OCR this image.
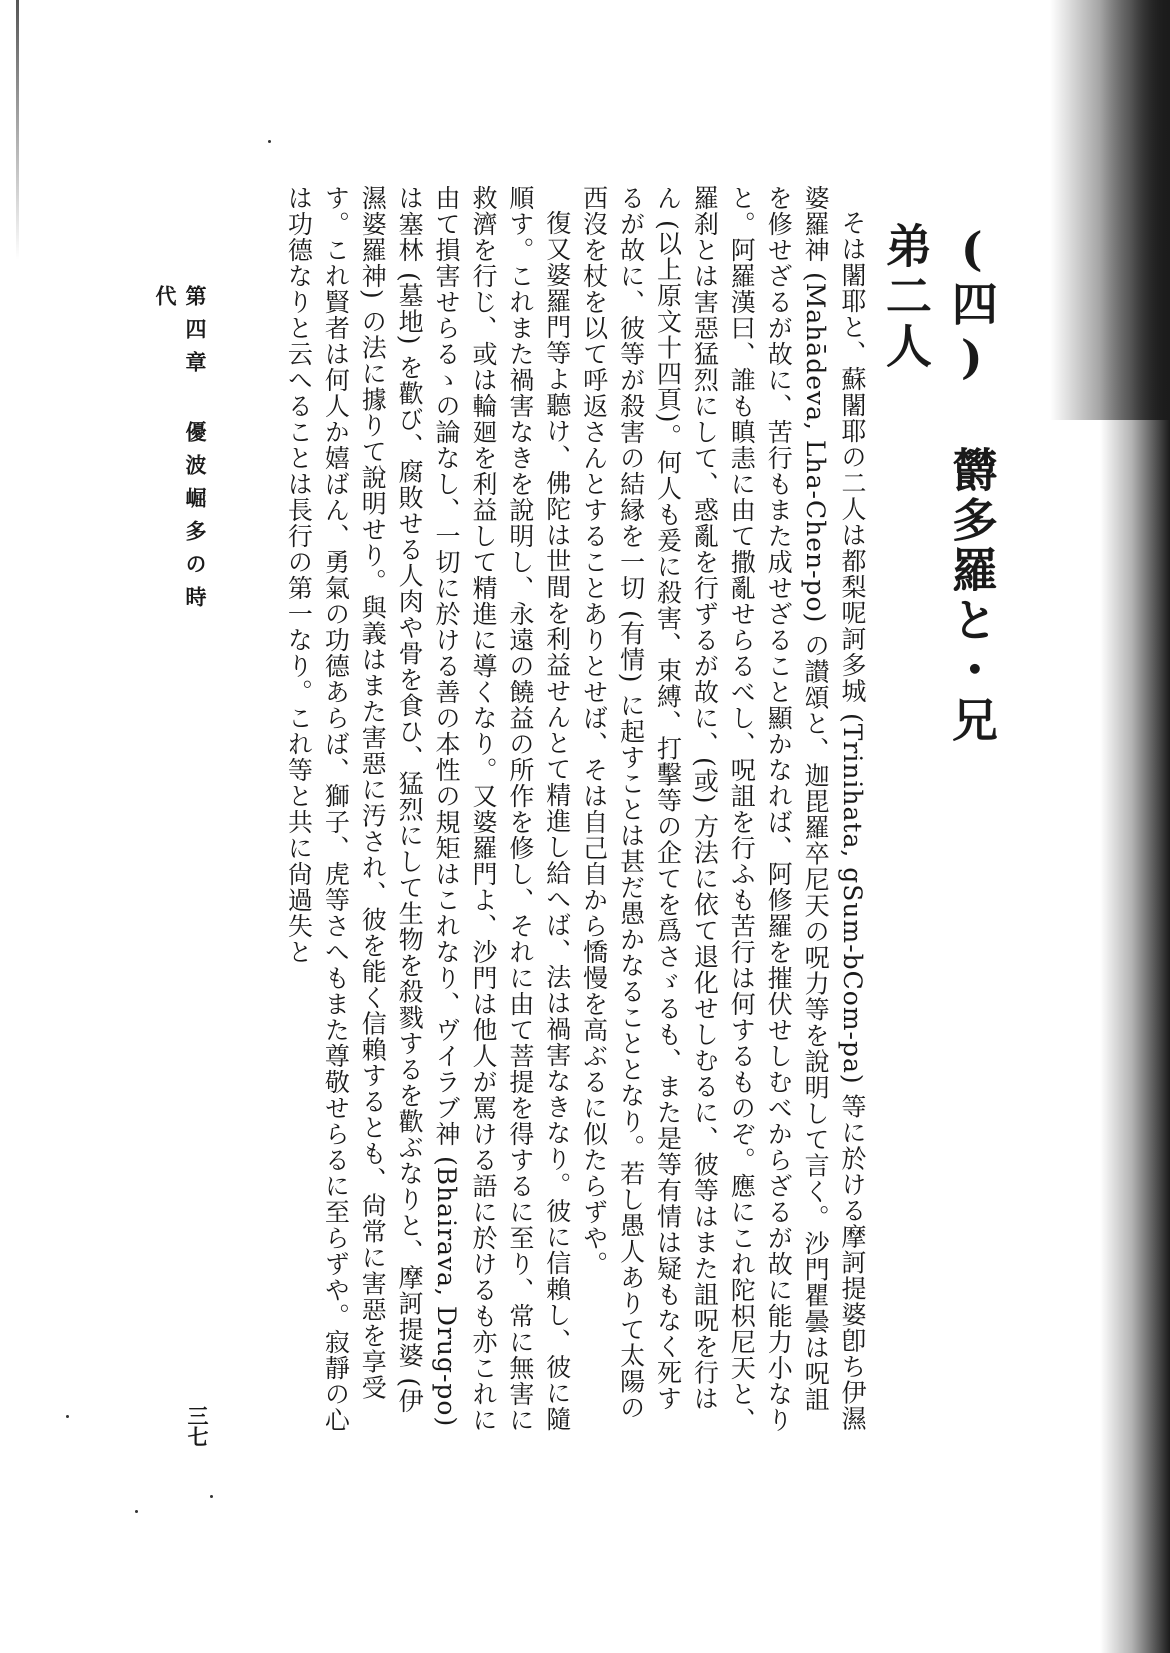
(四) 欝多羅と・兄弟二人

そは闍耶と、蘇闍耶の二人は都梨呢訶多城 (Trinihata, gSum-bCom-pa) 等に於ける摩訶提婆卽ち伊濕婆羅神 (Mahādeva, Lha-Chen-po) の讃頌と、迦毘羅卒尼天の呪力等を說明して言く。沙門瞿曇は呪詛を修せざるが故に、苦行もまた成せざること顯かなれば、阿修羅を摧伏せしむべからざるが故に能力小なりと。阿羅漢曰、誰も瞋恚に由て撒亂せらるべし、呪詛を行ふも苦行は何するものぞ。應にこれ陀枳尼天と、羅刹とは害惡猛烈にして、惑亂を行ずるが故に、(或) 方法に依て退化せしむるに、彼等はまた詛呪を行はん (以上原文十四頁)。何人も爰に殺害、束縛、打擊等の企てを爲さゞるも、また是等有情は疑もなく死するが故に、彼等が殺害の結縁を一切 (有情) に起すことは甚だ愚かなることとなり。若し愚人ありて太陽の西沒を杖を以て呼返さんとすることありとせば、そは自己自から憍慢を高ぶるに似たらずや。

復又婆羅門等よ聽け、佛陀は世間を利益せんとて精進し給へば、法は禍害なきなり。彼に信賴し、彼に隨順す。これまた禍害なきを說明し、永遠の饒益の所作を修し、それに由て菩提を得するに至り、常に無害に救濟を行じ、或は輪廻を利益して精進に導くなり。又婆羅門よ、沙門は他人が罵ける語に於けるも亦これに由て損害せらるゝの論なし、一切に於ける善の本性の規矩はこれなり、ヴイラブ神 (Bhairava, Drug-po) は塞林 (墓地) を歡び、腐敗せる人肉や骨を食ひ、猛烈にして生物を殺戮するを歡ぶなりと、摩訶提婆 (伊濕婆羅神) の法に據りて說明せり。與義はまた害惡に汚され、彼を能く信賴するとも、尙常に害惡を享受す。これ賢者は何人か嬉ばん、勇氣の功德あらば、獅子、虎等さへもまた尊敬せらるに至らずや。寂靜の心は功德なりと云へることは長行の第一なり。これ等と共に尙過失と

第四章 優波崛多の時代
三七
